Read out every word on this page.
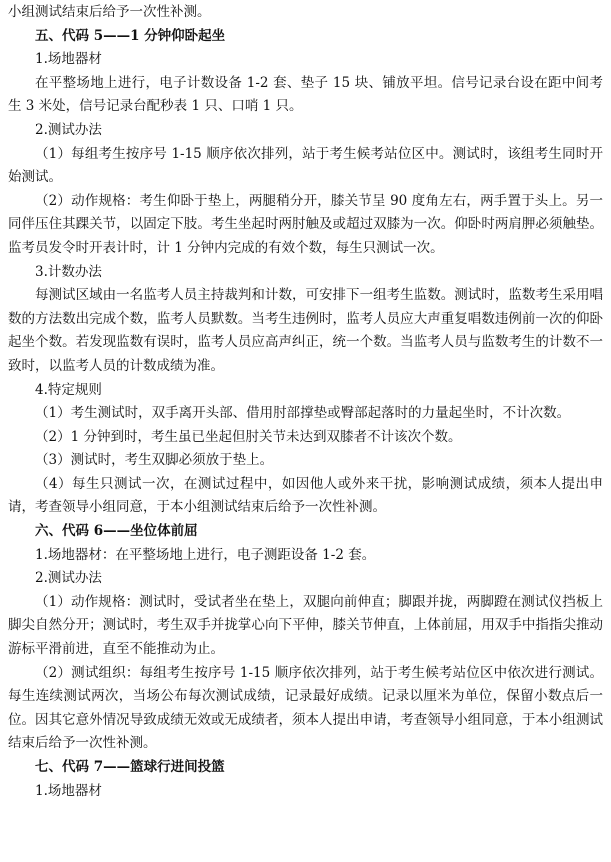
小组测试结束后给予一次性补测。

五、代码 5——1 分钟仰卧起坐

1.场地器材

在平整场地上进行，电子计数设备 1-2 套、垫子 15 块、铺放平坦。信号记录台设在距中间考生 3 米处，信号记录台配秒表 1 只、口哨 1 只。

2.测试办法

（1）每组考生按序号 1-15 顺序依次排列，站于考生候考站位区中。测试时，该组考生同时开始测试。

（2）动作规格：考生仰卧于垫上，两腿稍分开，膝关节呈 90 度角左右，两手置于头上。另一同伴压住其踝关节，以固定下肢。考生坐起时两肘触及或超过双膝为一次。仰卧时两肩胛必须触垫。监考员发令时开表计时，计 1 分钟内完成的有效个数，每生只测试一次。

3.计数办法

每测试区域由一名监考人员主持裁判和计数，可安排下一组考生监数。测试时，监数考生采用唱数的方法数出完成个数，监考人员默数。当考生违例时，监考人员应大声重复唱数违例前一次的仰卧起坐个数。若发现监数有误时，监考人员应高声纠正，统一个数。当监考人员与监数考生的计数不一致时，以监考人员的计数成绩为准。

4.特定规则

（1）考生测试时，双手离开头部、借用肘部撑垫或臀部起落时的力量起坐时，不计次数。

（2）1 分钟到时，考生虽已坐起但肘关节未达到双膝者不计该次个数。

（3）测试时，考生双脚必须放于垫上。

（4）每生只测试一次，在测试过程中，如因他人或外来干扰，影响测试成绩，须本人提出申请，考查领导小组同意，于本小组测试结束后给予一次性补测。

六、代码 6——坐位体前屈

1.场地器材：在平整场地上进行，电子测距设备 1-2 套。

2.测试办法

（1）动作规格：测试时，受试者坐在垫上，双腿向前伸直；脚跟并拢，两脚蹬在测试仪挡板上脚尖自然分开；测试时，考生双手并拢掌心向下平伸，膝关节伸直，上体前屈，用双手中指指尖推动游标平滑前进，直至不能推动为止。

（2）测试组织：每组考生按序号 1-15 顺序依次排列，站于考生候考站位区中依次进行测试。每生连续测试两次，当场公布每次测试成绩，记录最好成绩。记录以厘米为单位，保留小数点后一位。因其它意外情况导致成绩无效或无成绩者，须本人提出申请，考查领导小组同意，于本小组测试结束后给予一次性补测。

七、代码 7——篮球行进间投篮

1.场地器材
